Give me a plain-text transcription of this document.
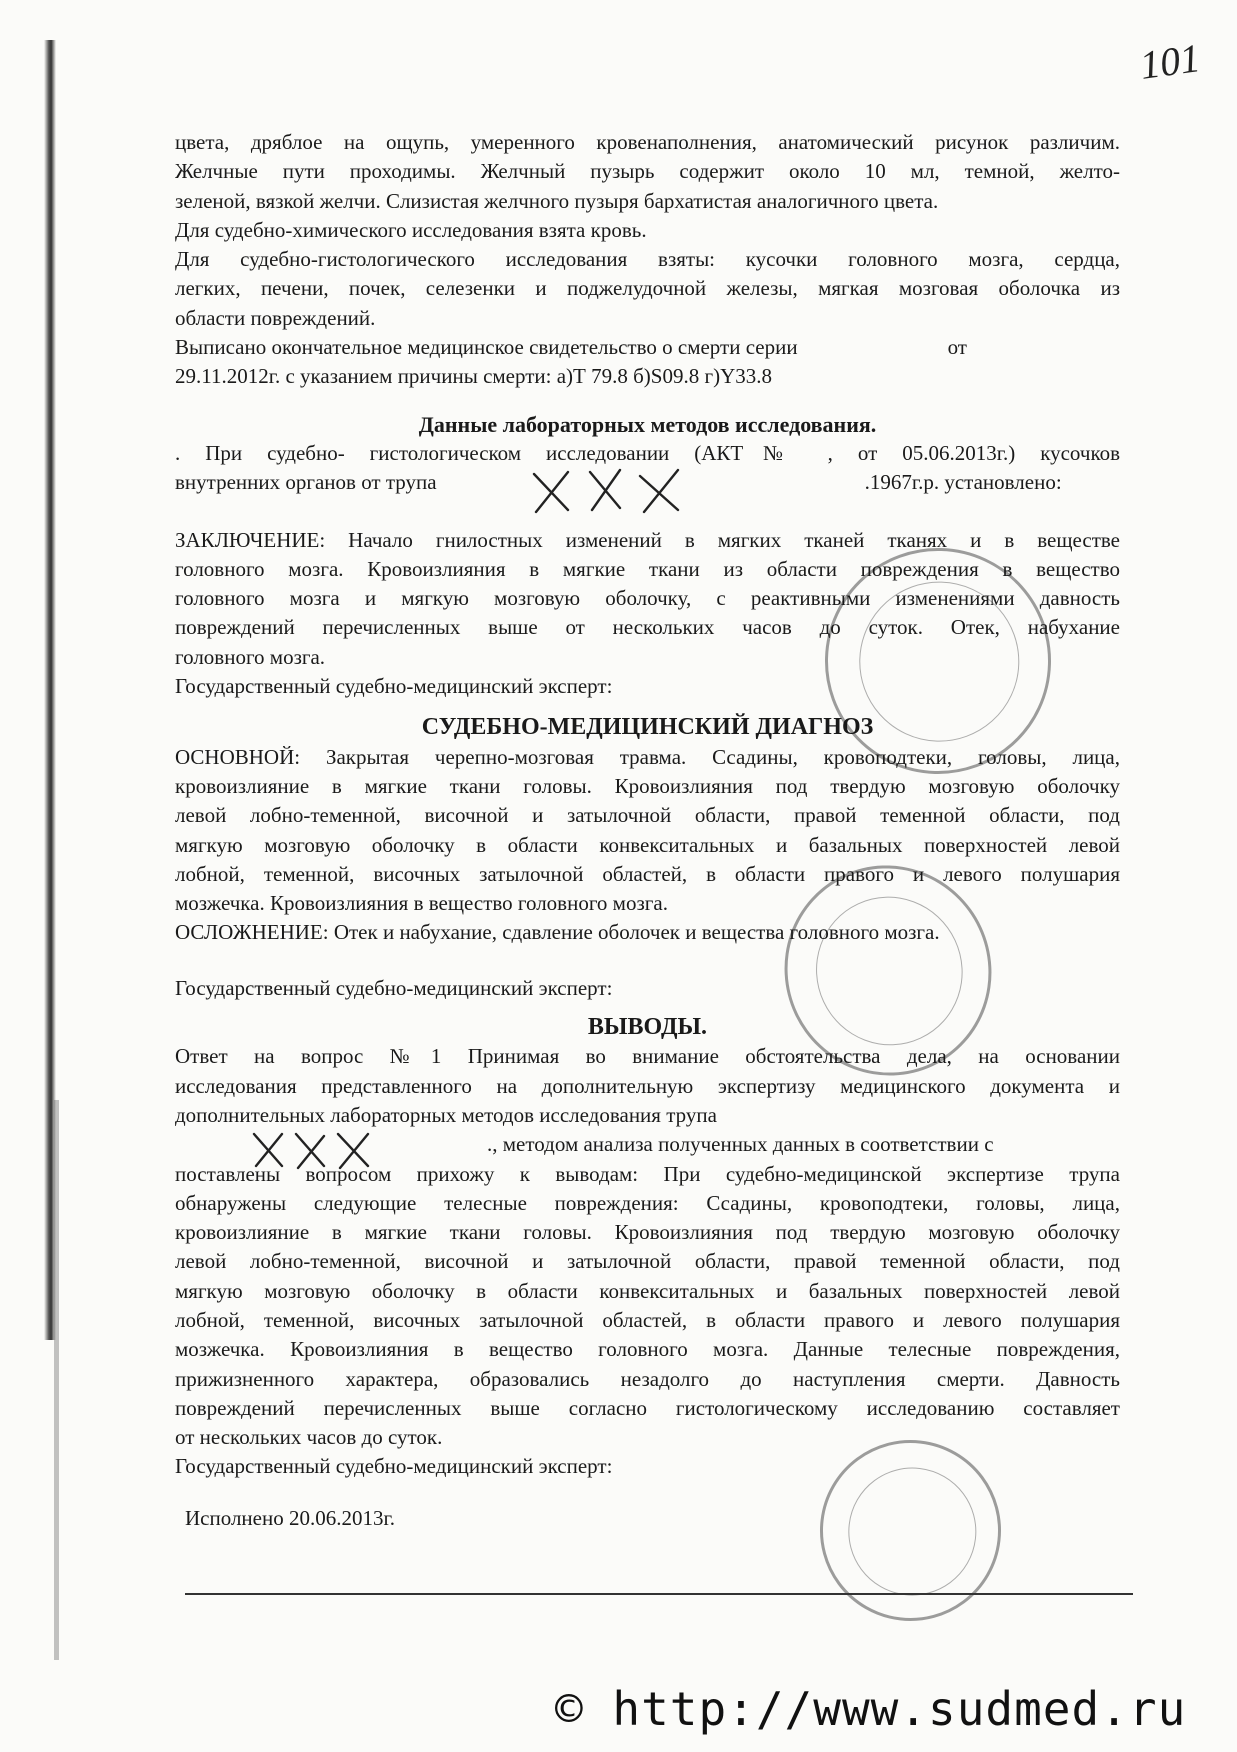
101
цвета, дряблое на ощупь, умеренного кровенаполнения, анатомический рисунок различим.
Желчные пути проходимы. Желчный пузырь содержит около 10 мл, темной, желто-
зеленой, вязкой желчи. Слизистая желчного пузыря бархатистая аналогичного цвета.
Для судебно-химического исследования взята кровь.
Для судебно-гистологического исследования взяты: кусочки головного мозга, сердца,
легких, печени, почек, селезенки и поджелудочной железы, мягкая мозговая оболочка из
области повреждений.
Выписано окончательное медицинское свидетельство о смерти серии	от
29.11.2012г. с указанием причины смерти: а)Т 79.8 б)S09.8 г)Y33.8
Данные лабораторных методов исследования.
. При судебно- гистологическом исследовании (АКТ№ , от 05.06.2013г.) кусочков
внутренних органов от трупа	.1967г.р. установлено:
ЗАКЛЮЧЕНИЕ: Начало гнилостных изменений в мягких тканей тканях и в веществе
головного мозга. Кровоизлияния в мягкие ткани из области повреждения в вещество
головного мозга и мягкую мозговую оболочку, с реактивными изменениями давность
повреждений перечисленных выше от нескольких часов до суток. Отек, набухание
головного мозга.
Государственный судебно-медицинский эксперт:
СУДЕБНО-МЕДИЦИНСКИЙ ДИАГНОЗ
ОСНОВНОЙ: Закрытая черепно-мозговая травма. Ссадины, кровоподтеки, головы, лица,
кровоизлияние в мягкие ткани головы. Кровоизлияния под твердую мозговую оболочку
левой лобно-теменной, височной и затылочной области, правой теменной области, под
мягкую мозговую оболочку в области конвекситальных и базальных поверхностей левой
лобной, теменной, височных затылочной областей, в области правого и левого полушария
мозжечка. Кровоизлияния в вещество головного мозга.
ОСЛОЖНЕНИЕ: Отек и набухание, сдавление оболочек и вещества головного мозга.
Государственный судебно-медицинский эксперт:
ВЫВОДЫ.
Ответ на вопрос №1 Принимая во внимание обстоятельства дела, на основании
исследования представленного на дополнительную экспертизу медицинского документа и
дополнительных лабораторных методов исследования трупа
., методом анализа полученных данных в соответствии с
поставлены вопросом прихожу к выводам: При судебно-медицинской экспертизе трупа
обнаружены следующие телесные повреждения: Ссадины, кровоподтеки, головы, лица,
кровоизлияние в мягкие ткани головы. Кровоизлияния под твердую мозговую оболочку
левой лобно-теменной, височной и затылочной области, правой теменной области, под
мягкую мозговую оболочку в области конвекситальных и базальных поверхностей левой
лобной, теменной, височных затылочной областей, в области правого и левого полушария
мозжечка. Кровоизлияния в вещество головного мозга. Данные телесные повреждения,
прижизненного характера, образовались незадолго до наступления смерти. Давность
повреждений перечисленных выше согласно гистологическому исследованию составляет
от нескольких часов до суток.
Государственный судебно-медицинский эксперт:
Исполнено 20.06.2013г.
© http://www.sudmed.ru
